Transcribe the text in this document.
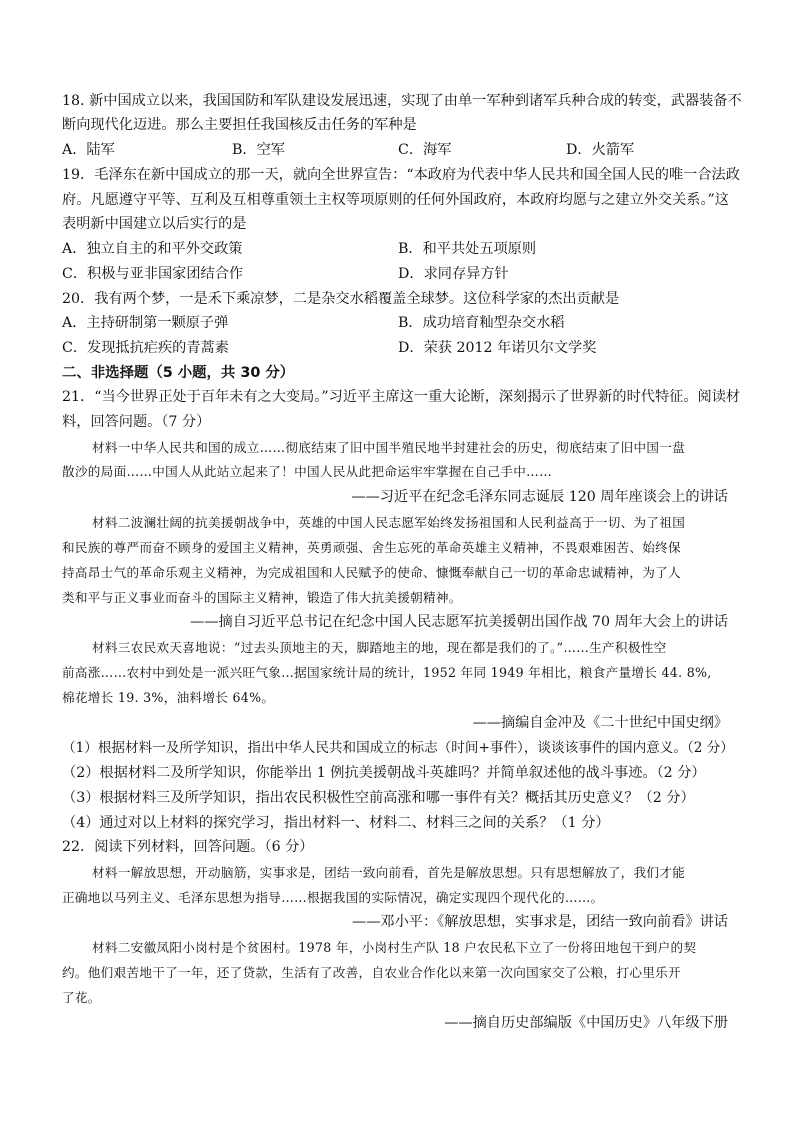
18. 新中国成立以来，我国国防和军队建设发展迅速，实现了由单一军种到诸军兵种合成的转变，武器装备不
断向现代化迈进。那么主要担任我国核反击任务的军种是
A．陆军	B．空军	C．海军	D．火箭军
19．毛泽东在新中国成立的那一天，就向全世界宣告：“本政府为代表中华人民共和国全国人民的唯一合法政
府。凡愿遵守平等、互利及互相尊重领土主权等项原则的任何外国政府，本政府均愿与之建立外交关系。”这
表明新中国建立以后实行的是
A．独立自主的和平外交政策	B．和平共处五项原则
C．积极与亚非国家团结合作	D．求同存异方针
20．我有两个梦，一是禾下乘凉梦，二是杂交水稻覆盖全球梦。这位科学家的杰出贡献是
A．主持研制第一颗原子弹	B．成功培育籼型杂交水稻
C．发现抵抗疟疾的青蒿素	D．荣获 2012 年诺贝尔文学奖
二、非选择题（5 小题，共 30 分）
21．“当今世界正处于百年未有之大变局。”习近平主席这一重大论断，深刻揭示了世界新的时代特征。阅读材
料，回答问题。（7 分）
材料一中华人民共和国的成立……彻底结束了旧中国半殖民地半封建社会的历史，彻底结束了旧中国一盘
散沙的局面……中国人从此站立起来了！中国人民从此把命运牢牢掌握在自己手中……
——习近平在纪念毛泽东同志诞辰 120 周年座谈会上的讲话
材料二波澜壮阔的抗美援朝战争中，英雄的中国人民志愿军始终发扬祖国和人民利益高于一切、为了祖国
和民族的尊严而奋不顾身的爱国主义精神，英勇顽强、舍生忘死的革命英雄主义精神，不畏艰难困苦、始终保
持高昂士气的革命乐观主义精神，为完成祖国和人民赋予的使命、慷慨奉献自己一切的革命忠诚精神，为了人
类和平与正义事业而奋斗的国际主义精神，锻造了伟大抗美援朝精神。
——摘自习近平总书记在纪念中国人民志愿军抗美援朝出国作战 70 周年大会上的讲话
材料三农民欢天喜地说：“过去头顶地主的天，脚踏地主的地，现在都是我们的了。”……生产积极性空
前高涨……农村中到处是一派兴旺气象…据国家统计局的统计，1952 年同 1949 年相比，粮食产量增长 44. 8%,
棉花增长 19. 3%，油料增长 64%。
——摘编自金冲及《二十世纪中国史纲》
（1）根据材料一及所学知识，指出中华人民共和国成立的标志（时间+事件），谈谈该事件的国内意义。（2 分）
（2）根据材料二及所学知识，你能举出 1 例抗美援朝战斗英雄吗？并简单叙述他的战斗事迹。（2 分）
（3）根据材料三及所学知识，指出农民积极性空前高涨和哪一事件有关？概括其历史意义？（2 分）
（4）通过对以上材料的探究学习，指出材料一、材料二、材料三之间的关系？（1 分）
22．阅读下列材料，回答问题。（6 分）
材料一解放思想，开动脑筋，实事求是，团结一致向前看，首先是解放思想。只有思想解放了，我们才能
正确地以马列主义、毛泽东思想为指导……根据我国的实际情况，确定实现四个现代化的……。
——邓小平：《解放思想，实事求是，团结一致向前看》讲话
材料二安徽凤阳小岗村是个贫困村。1978 年，小岗村生产队 18 户农民私下立了一份将田地包干到户的契
约。他们艰苦地干了一年，还了贷款，生活有了改善，自农业合作化以来第一次向国家交了公粮，打心里乐开
了花。
——摘自历史部编版《中国历史》八年级下册
